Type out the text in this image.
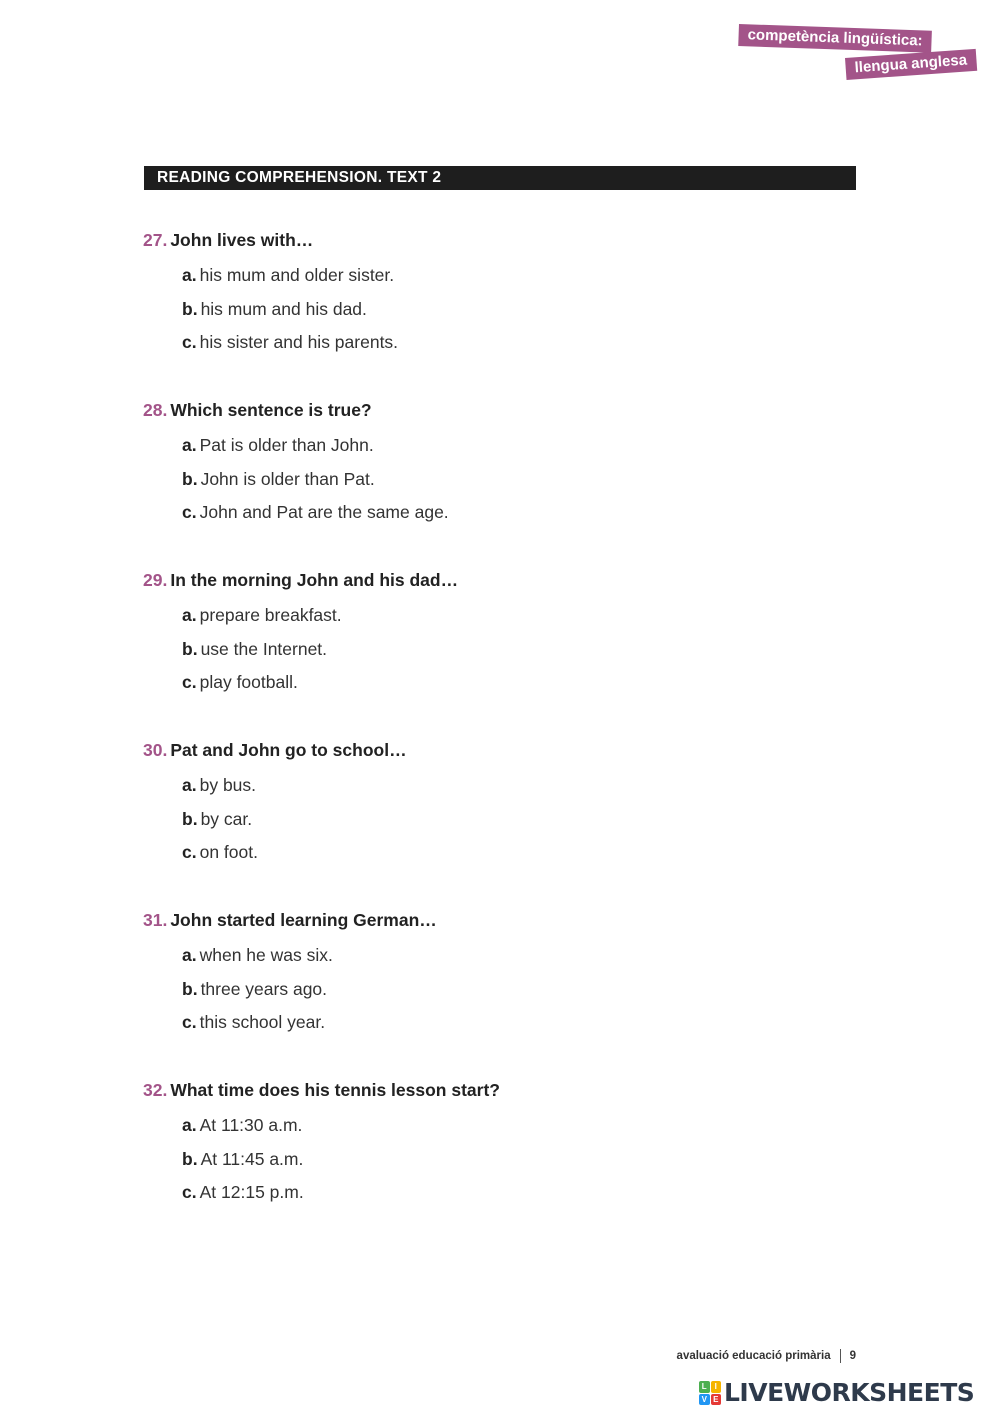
competència lingüística:
llengua anglesa
READING COMPREHENSION. TEXT 2
27. John lives with…
a. his mum and older sister.
b. his mum and his dad.
c. his sister and his parents.
28. Which sentence is true?
a. Pat is older than John.
b. John is older than Pat.
c. John and Pat are the same age.
29. In the morning John and his dad…
a. prepare breakfast.
b. use the Internet.
c. play football.
30. Pat and John go to school…
a. by bus.
b. by car.
c. on foot.
31. John started learning German…
a. when he was six.
b. three years ago.
c. this school year.
32. What time does his tennis lesson start?
a. At 11:30 a.m.
b. At 11:45 a.m.
c. At 12:15 p.m.
avaluació educació primària 9
L I
V E LIVEWORKSHEETS
